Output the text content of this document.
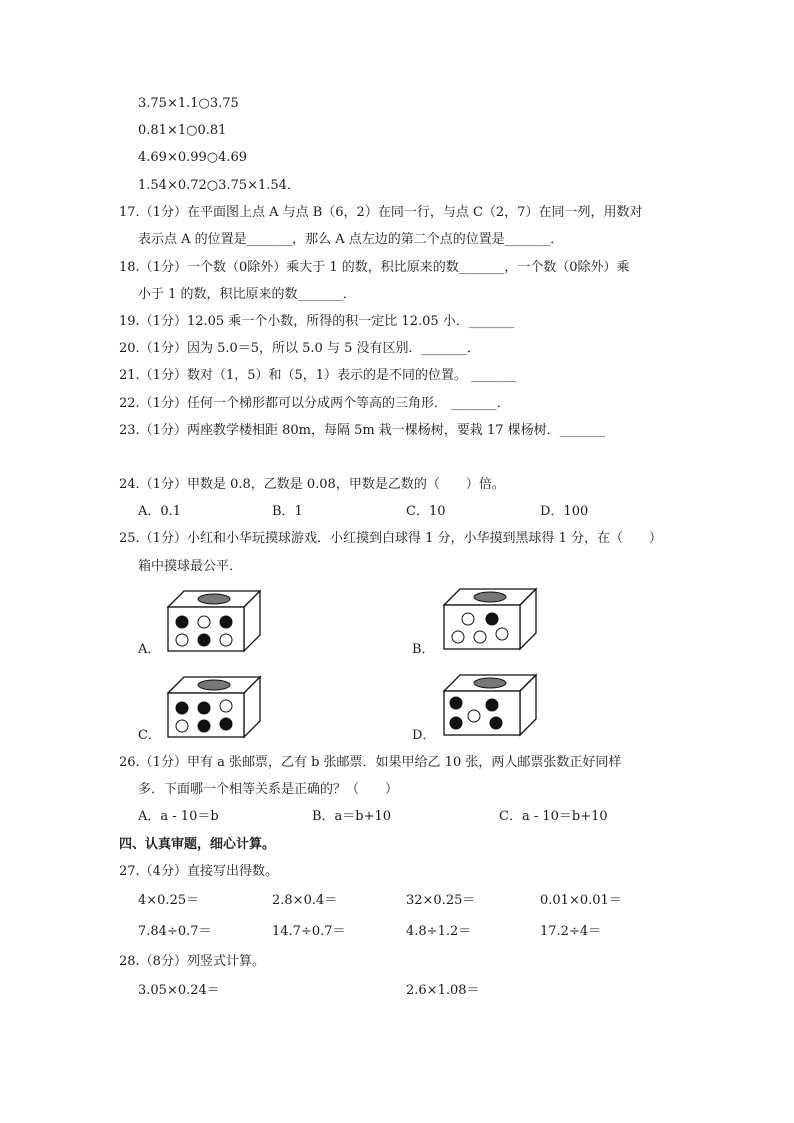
3.75×1.1○3.75
0.81×1○0.81
4.69×0.99○4.69
1.54×0.72○3.75×1.54．
17.（1分）在平面图上点 A 与点 B（6，2）在同一行，与点 C（2，7）在同一列，用数对
表示点 A 的位置是_______，那么 A 点左边的第二个点的位置是_______．
18.（1分）一个数（0除外）乘大于 1 的数，积比原来的数_______，一个数（0除外）乘
小于 1 的数，积比原来的数_______．
19.（1分）12.05 乘一个小数，所得的积一定比 12.05 小．_______
20.（1分）因为 5.0＝5，所以 5.0 与 5 没有区别．_______．
21.（1分）数对（1，5）和（5，1）表示的是不同的位置。 _______
22.（1分）任何一个梯形都可以分成两个等高的三角形． _______．
23.（1分）两座教学楼相距 80m，每隔 5m 栽一棵杨树，要栽 17 棵杨树．_______
24.（1分）甲数是 0.8，乙数是 0.08，甲数是乙数的（　　）倍。
A．0.1	B．1	C．10	D．100
25.（1分）小红和小华玩摸球游戏．小红摸到白球得 1 分，小华摸到黑球得 1 分，在（　　）
箱中摸球最公平．
A．	B．
C．	D．
26.（1分）甲有 a 张邮票，乙有 b 张邮票．如果甲给乙 10 张，两人邮票张数正好同样
多．下面哪一个相等关系是正确的？（　　）
A．a - 10＝b	B．a＝b+10	C．a - 10＝b+10
四、认真审题，细心计算。
27.（4分）直接写出得数。
4×0.25＝	2.8×0.4＝	32×0.25＝	0.01×0.01＝
7.84÷0.7＝	14.7÷0.7＝	4.8÷1.2＝	17.2÷4＝
28.（8分）列竖式计算。
3.05×0.24＝	2.6×1.08＝
